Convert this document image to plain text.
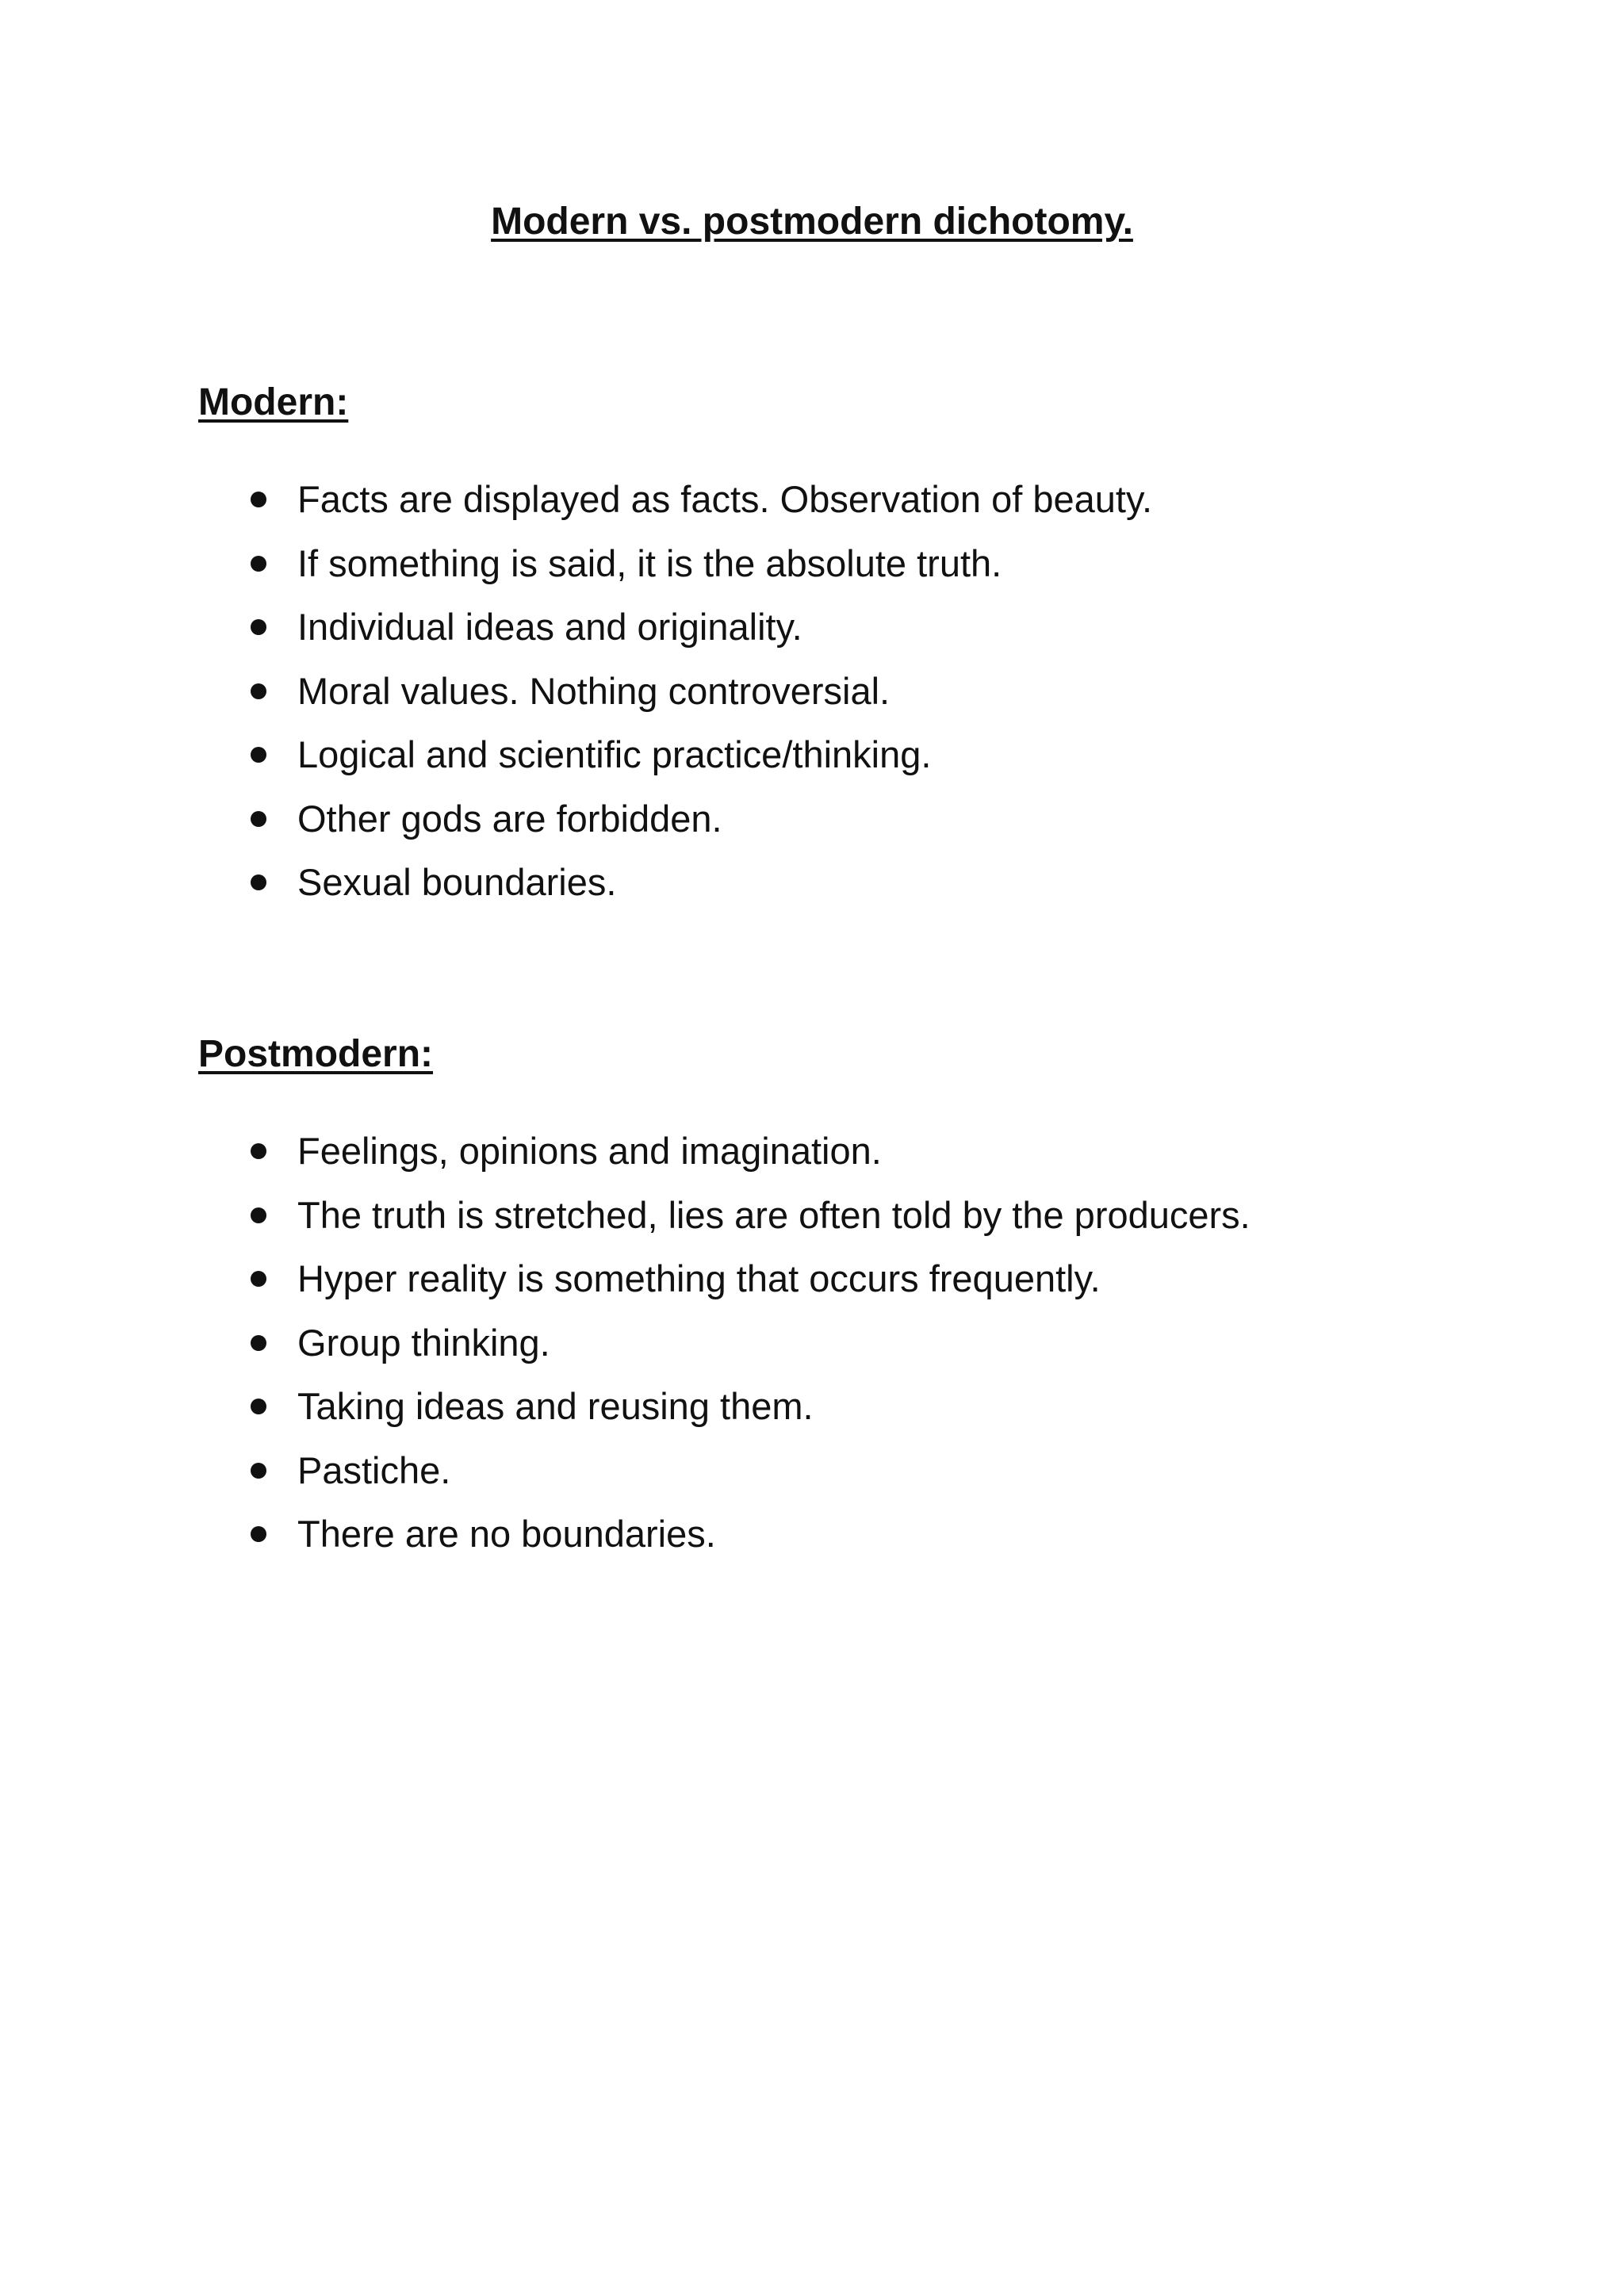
Modern vs. postmodern dichotomy.
Modern:
Facts are displayed as facts. Observation of beauty.
If something is said, it is the absolute truth.
Individual ideas and originality.
Moral values. Nothing controversial.
Logical and scientific practice/thinking.
Other gods are forbidden.
Sexual boundaries.
Postmodern:
Feelings, opinions and imagination.
The truth is stretched, lies are often told by the producers.
Hyper reality is something that occurs frequently.
Group thinking.
Taking ideas and reusing them.
Pastiche.
There are no boundaries.
